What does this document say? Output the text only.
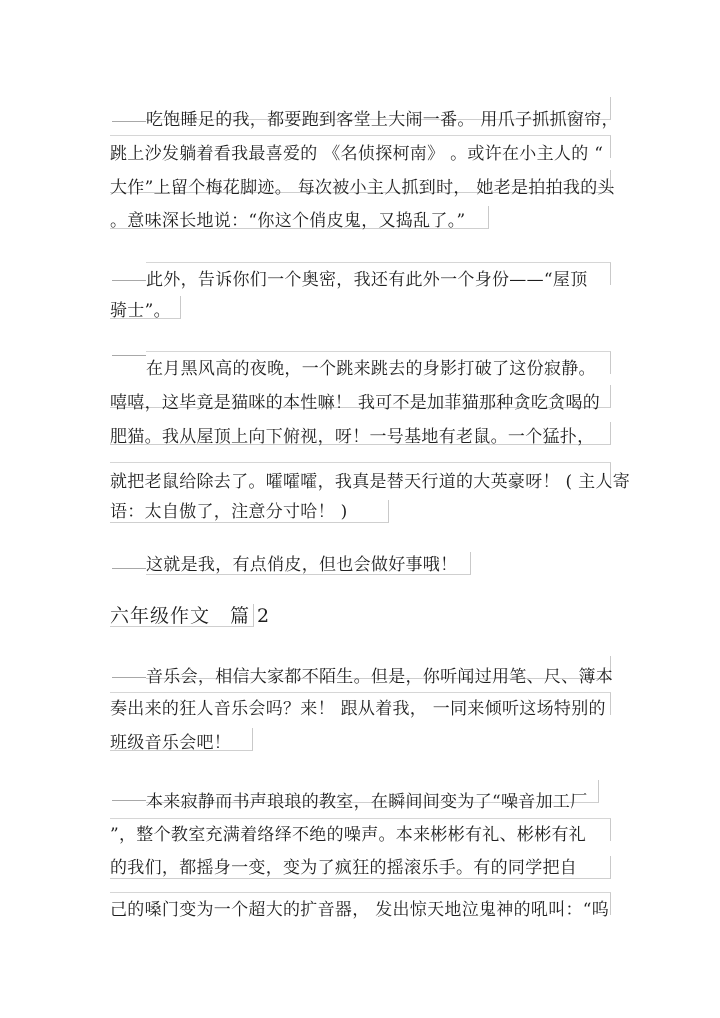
吃饱睡足的我，都要跑到客堂上大闹一番。 用爪子抓抓窗帘，
跳上沙发躺着看我最喜爱的 《名侦探柯南》 。或许在小主人的 “
大作”上留个梅花脚迹。 每次被小主人抓到时， 她老是拍拍我的头
。意味深长地说：“你这个俏皮鬼，又捣乱了。”
此外，告诉你们一个奥密，我还有此外一个身份——“屋顶
骑士”。
在月黑风高的夜晚，一个跳来跳去的身影打破了这份寂静。
嘻嘻，这毕竟是猫咪的本性嘛！ 我可不是加菲猫那种贪吃贪喝的
肥猫。我从屋顶上向下俯视，呀！一号基地有老鼠。一个猛扑，
就把老鼠给除去了。嚯嚯嚯，我真是替天行道的大英豪呀！ ( 主人寄
语：太自傲了，注意分寸哈！ )
这就是我，有点俏皮，但也会做好事哦！
六年级作文　篇 2
音乐会，相信大家都不陌生。但是，你听闻过用笔、尺、簿本
奏出来的狂人音乐会吗？来！ 跟从着我， 一同来倾听这场特别的
班级音乐会吧！
本来寂静而书声琅琅的教室，在瞬间间变为了“噪音加工厂
”，整个教室充满着络绎不绝的噪声。本来彬彬有礼、彬彬有礼
的我们，都摇身一变，变为了疯狂的摇滚乐手。有的同学把自
己的嗓门变为一个超大的扩音器， 发出惊天地泣鬼神的吼叫：“呜
